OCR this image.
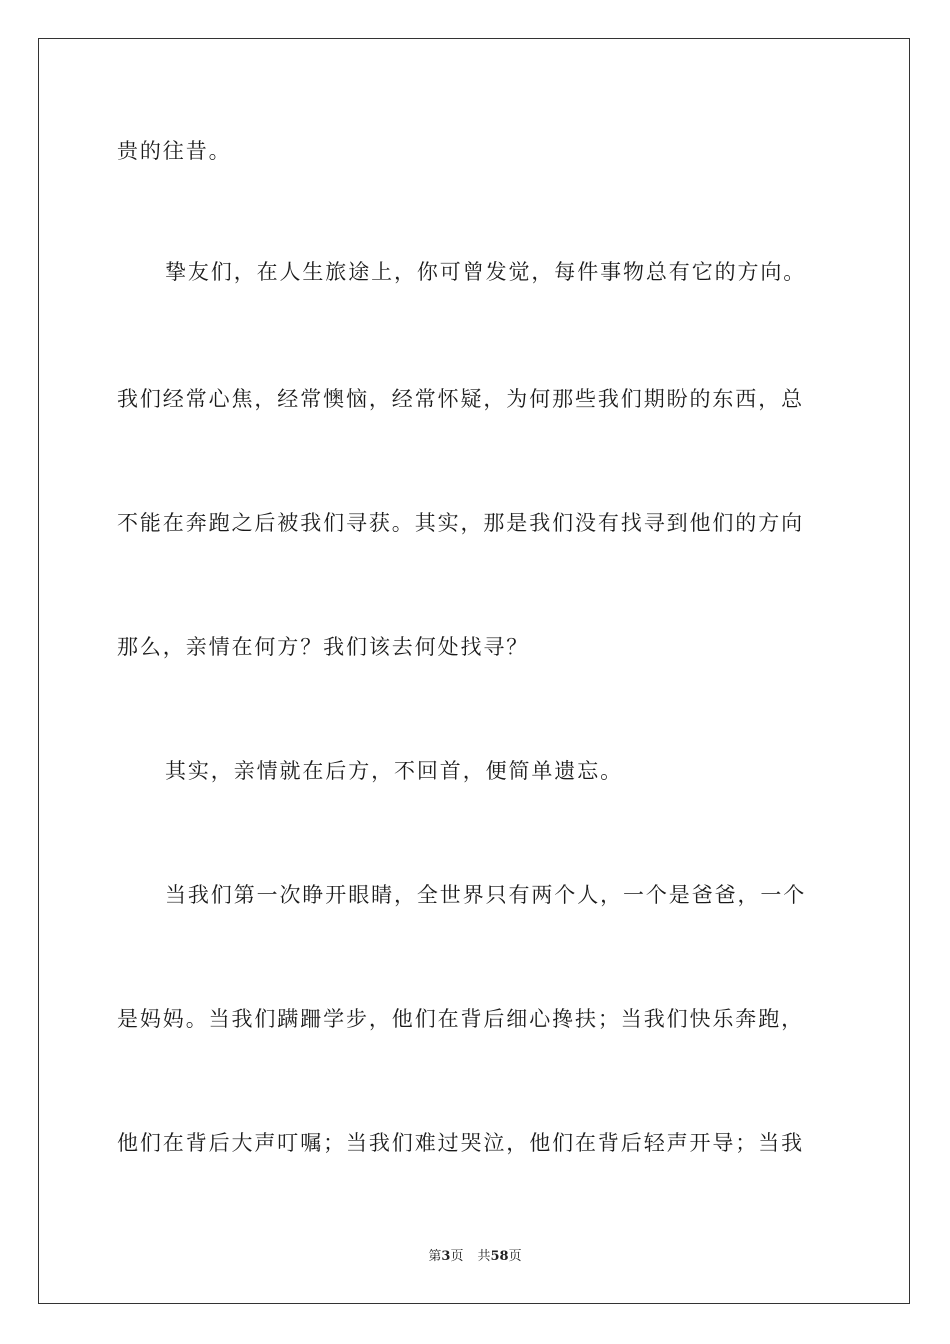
贵的往昔。
挚友们，在人生旅途上，你可曾发觉，每件事物总有它的方向。
我们经常心焦，经常懊恼，经常怀疑，为何那些我们期盼的东西，总
不能在奔跑之后被我们寻获。其实，那是我们没有找寻到他们的方向
那么，亲情在何方？我们该去何处找寻？
其实，亲情就在后方，不回首，便简单遗忘。
当我们第一次睁开眼睛，全世界只有两个人，一个是爸爸，一个
是妈妈。当我们蹒跚学步，他们在背后细心搀扶；当我们快乐奔跑，
他们在背后大声叮嘱；当我们难过哭泣，他们在背后轻声开导；当我
第3页 共58页
